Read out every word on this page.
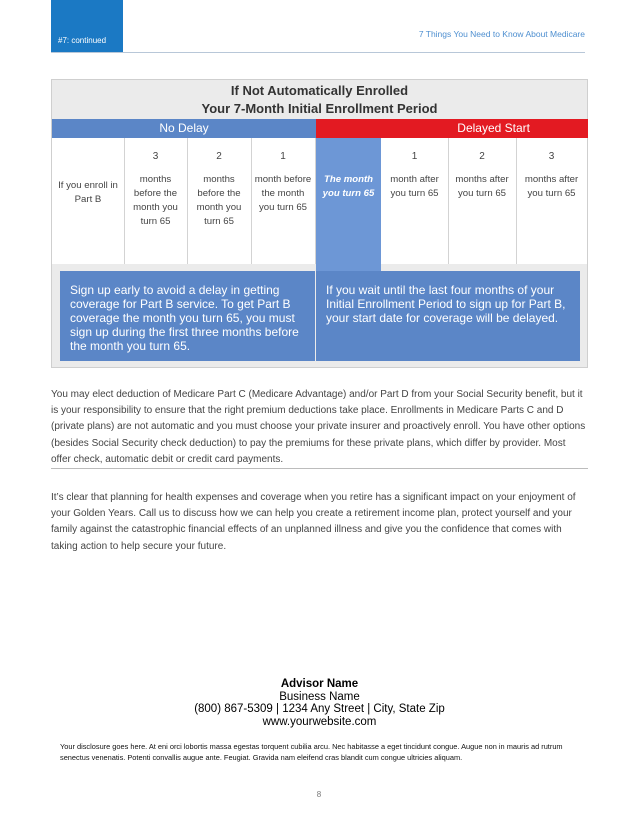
#7: continued
7 Things You Need to Know About Medicare
If Not Automatically Enrolled
Your 7-Month Initial Enrollment Period
No Delay	Delayed Start
If you enroll in Part B
3
months before the month you turn 65
2
months before the month you turn 65
1
month before the month you turn 65
The month you turn 65
1
month after you turn 65
2
months after you turn 65
3
months after you turn 65
Sign up early to avoid a delay in getting coverage for Part B service. To get Part B coverage the month you turn 65, you must sign up during the first three months before the month you turn 65.
If you wait until the last four months of your Initial Enrollment Period to sign up for Part B, your start date for coverage will be delayed.
You may elect deduction of Medicare Part C (Medicare Advantage) and/or Part D from your Social Security benefit, but it is your responsibility to ensure that the right premium deductions take place. Enrollments in Medicare Parts C and D (private plans) are not automatic and you must choose your private insurer and proactively enroll. You have other options (besides Social Security check deduction) to pay the premiums for these private plans, which differ by provider. Most offer check, automatic debit or credit card payments.
It’s clear that planning for health expenses and coverage when you retire has a significant impact on your enjoyment of your Golden Years. Call us to discuss how we can help you create a retirement income plan, protect yourself and your family against the catastrophic financial effects of an unplanned illness and give you the confidence that comes with taking action to help secure your future.
Advisor Name
Business Name
(800) 867-5309 | 1234 Any Street | City, State Zip
www.yourwebsite.com
Your disclosure goes here. At eni orci lobortis massa egestas torquent cubilia arcu. Nec habitasse a eget tincidunt congue. Augue non in mauris ad rutrum senectus venenatis. Potenti convallis augue ante. Feugiat. Gravida nam eleifend cras blandit cum congue ultricies aliquam.
8
